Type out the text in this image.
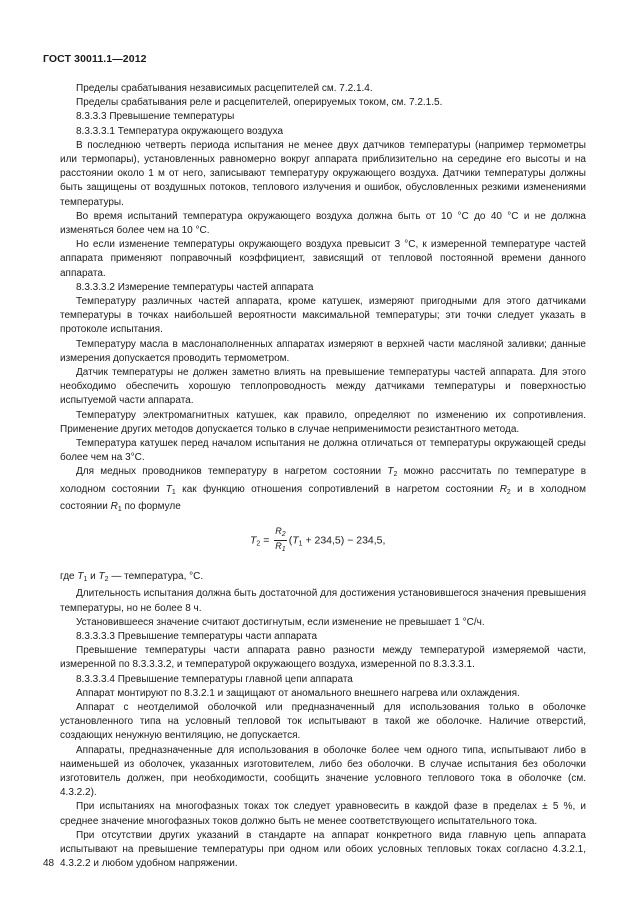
ГОСТ 30011.1—2012

Пределы срабатывания независимых расцепителей см. 7.2.1.4.

Пределы срабатывания реле и расцепителей, оперируемых током, см. 7.2.1.5.

8.3.3.3 Превышение температуры

8.3.3.3.1 Температура окружающего воздуха

В последнюю четверть периода испытания не менее двух датчиков температуры (например термометры или термопары), установленных равномерно вокруг аппарата приблизительно на середине его высоты и на расстоянии около 1 м от него, записывают температуру окружающего воздуха. Датчики температуры должны быть защищены от воздушных потоков, теплового излучения и ошибок, обусловленных резкими изменениями температуры.

Во время испытаний температура окружающего воздуха должна быть от 10 °С до 40 °С и не должна изменяться более чем на 10 °С.

Но если изменение температуры окружающего воздуха превысит 3 °С, к измеренной температуре частей аппарата применяют поправочный коэффициент, зависящий от тепловой постоянной времени данного аппарата.

8.3.3.3.2 Измерение температуры частей аппарата

Температуру различных частей аппарата, кроме катушек, измеряют пригодными для этого датчиками температуры в точках наибольшей вероятности максимальной температуры; эти точки следует указать в протоколе испытания.

Температуру масла в маслонаполненных аппаратах измеряют в верхней части масляной заливки; данные измерения допускается проводить термометром.

Датчик температуры не должен заметно влиять на превышение температуры частей аппарата. Для этого необходимо обеспечить хорошую теплопроводность между датчиками температуры и поверхностью испытуемой части аппарата.

Температуру электромагнитных катушек, как правило, определяют по изменению их сопротивления. Применение других методов допускается только в случае неприменимости резистантного метода.

Температура катушек перед началом испытания не должна отличаться от температуры окружающей среды более чем на 3°С.

Для медных проводников температуру в нагретом состоянии $T_2$ можно рассчитать по температуре в холодном состоянии $T_1$ как функцию отношения сопротивлений в нагретом состоянии $R_2$ и в холодном состоянии $R_1$ по формуле

$T_2 = \frac{R_2}{R_1} (T_1 + 234,5) - 234,5$,

где $T_1$ и $T_2$ — температура, °С.

Длительность испытания должна быть достаточной для достижения установившегося значения превышения температуры, но не более 8 ч.

Установившееся значение считают достигнутым, если изменение не превышает 1 °С/ч.

8.3.3.3.3 Превышение температуры части аппарата

Превышение температуры части аппарата равно разности между температурой измеряемой части, измеренной по 8.3.3.3.2, и температурой окружающего воздуха, измеренной по 8.3.3.3.1.

8.3.3.3.4 Превышение температуры главной цепи аппарата

Аппарат монтируют по 8.3.2.1 и защищают от аномального внешнего нагрева или охлаждения.

Аппарат с неотделимой оболочкой или предназначенный для использования только в оболочке установленного типа на условный тепловой ток испытывают в такой же оболочке. Наличие отверстий, создающих ненужную вентиляцию, не допускается.

Аппараты, предназначенные для использования в оболочке более чем одного типа, испытывают либо в наименьшей из оболочек, указанных изготовителем, либо без оболочки. В случае испытания без оболочки изготовитель должен, при необходимости, сообщить значение условного теплового тока в оболочке (см. 4.3.2.2).

При испытаниях на многофазных токах ток следует уравновесить в каждой фазе в пределах ± 5 %, и среднее значение многофазных токов должно быть не менее соответствующего испытательного тока.

При отсутствии других указаний в стандарте на аппарат конкретного вида главную цепь аппарата испытывают на превышение температуры при одном или обоих условных тепловых токах согласно 4.3.2.1, 4.3.2.2 и любом удобном напряжении.

48
